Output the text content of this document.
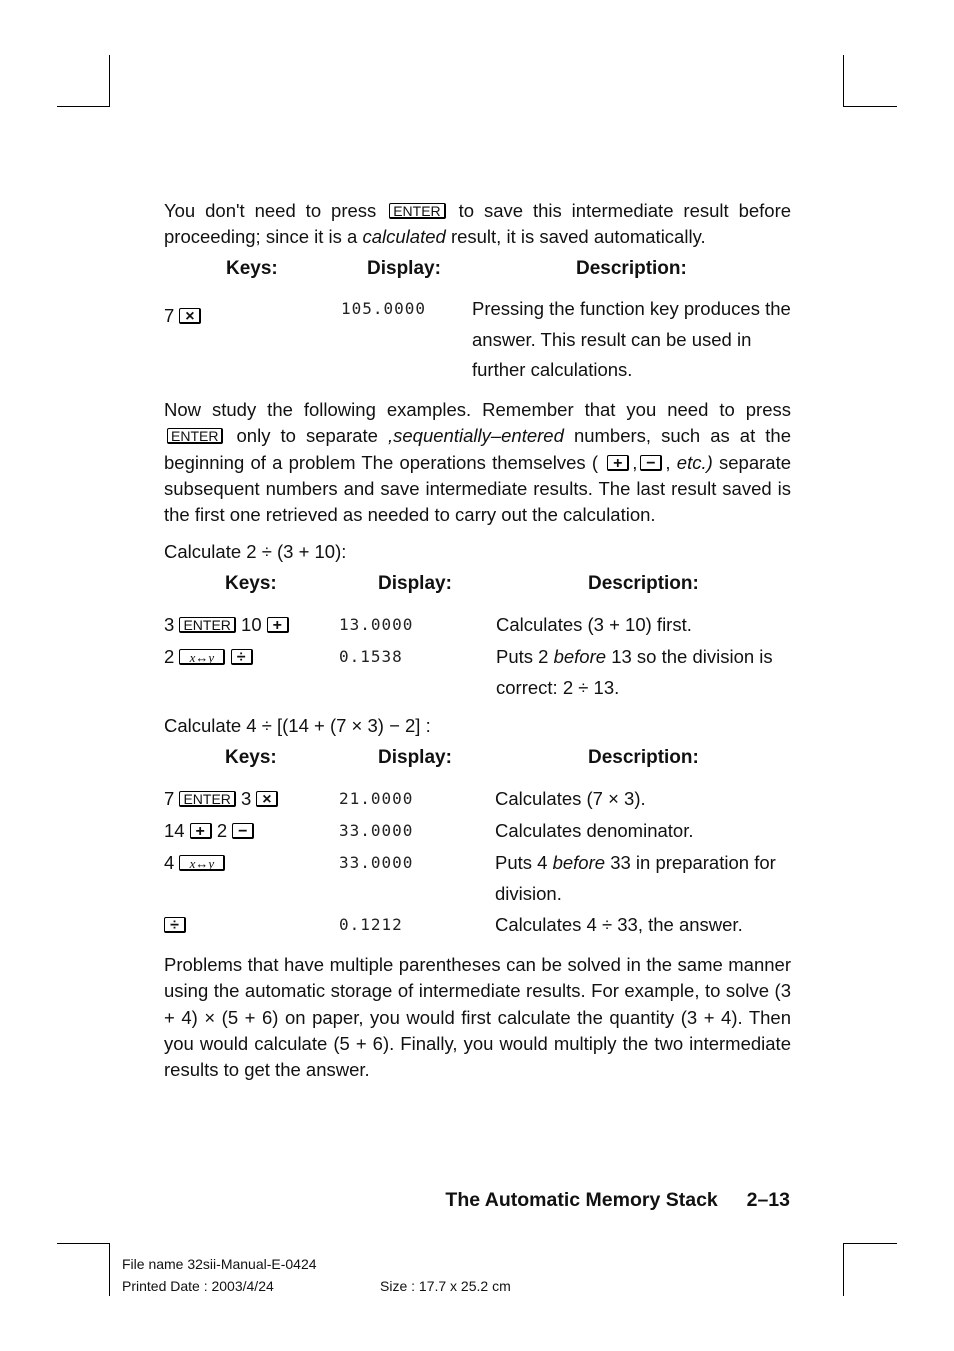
You don't need to press ENTER to save this intermediate result before proceeding; since it is a calculated result, it is saved automatically.
Keys:	Display:	Description:
7 ×	105.0000 Pressing the function key produces the answer. This result can be used in further calculations.
Now study the following examples. Remember that you need to press ENTER only to separate ,sequentially–entered numbers, such as at the beginning of a problem The operations themselves ( + , − , etc.) separate subsequent numbers and save intermediate results. The last result saved is the first one retrieved as needed to carry out the calculation.
Calculate 2 ÷ (3 + 10):
Keys:	Display:	Description:
3 ENTER 10 +	13.0000	Calculates (3 + 10) first.
2 x↔y ÷	0.1538	Puts 2 before 13 so the division is correct: 2 ÷ 13.
Calculate 4 ÷ [(14 + (7 × 3) − 2] :
Keys:	Display:	Description:
7 ENTER 3 ×	21.0000	Calculates (7 × 3).
14 + 2 −	33.0000	Calculates denominator.
4 x↔y	33.0000	Puts 4 before 33 in preparation for division.
÷	0.1212	Calculates 4 ÷ 33, the answer.
Problems that have multiple parentheses can be solved in the same manner using the automatic storage of intermediate results. For example, to solve (3 + 4) × (5 + 6) on paper, you would first calculate the quantity (3 + 4). Then you would calculate (5 + 6). Finally, you would multiply the two intermediate results to get the answer.
The Automatic Memory Stack 2–13
File name 32sii-Manual-E-0424
Printed Date : 2003/4/24	Size : 17.7 x 25.2 cm
